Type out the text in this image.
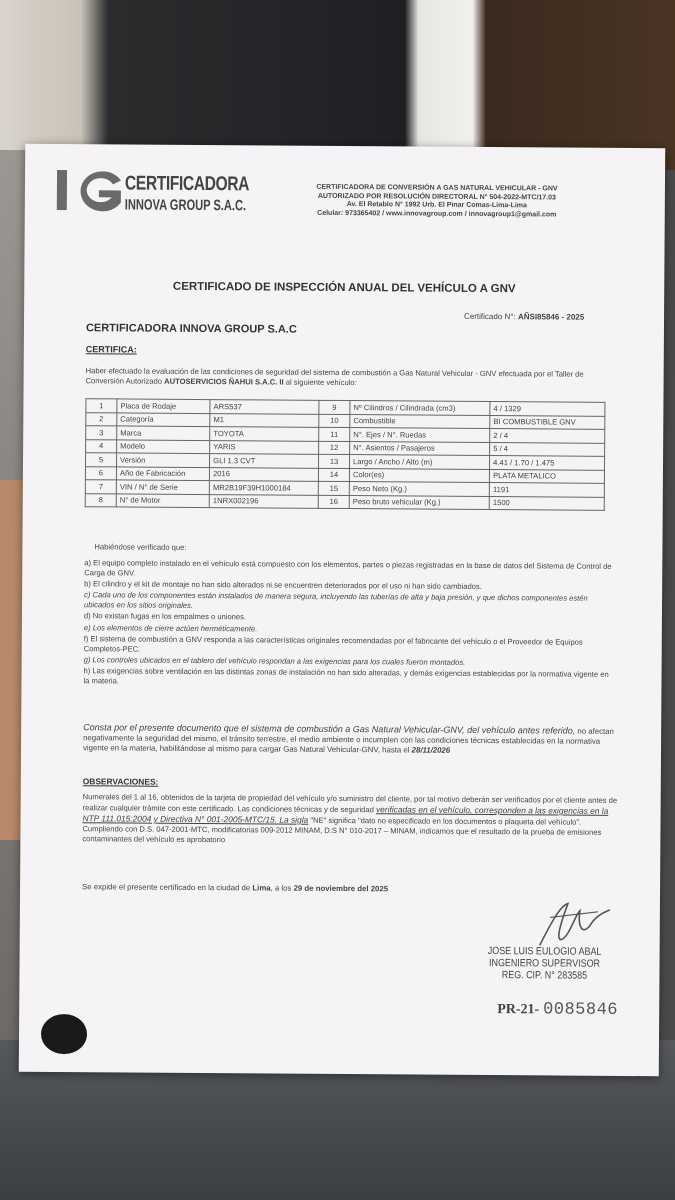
CERTIFICADORA
INNOVA GROUP S.A.C.
CERTIFICADORA DE CONVERSIÓN A GAS NATURAL VEHICULAR - GNV
AUTORIZADO POR RESOLUCIÓN DIRECTORAL N° 504-2022-MTC/17.03
Av. El Retablo N° 1992 Urb. El Pinar Comas-Lima-Lima
Celular: 973365402 / www.innovagroup.com / innovagroup1@gmail.com
CERTIFICADO DE INSPECCIÓN ANUAL DEL VEHÍCULO A GNV
Certificado N°: AÑSI85846 - 2025
CERTIFICADORA INNOVA GROUP S.A.C
CERTIFICA:
Haber efectuado la evaluación de las condiciones de seguridad del sistema de combustión a Gas Natural Vehicular - GNV efectuada por el Taller de Conversión Autorizado AUTOSERVICIOS ÑAHUI S.A.C. II al siguiente vehículo:
1	Placa de Rodaje	ARS537	9	Nº Cilindros / Cilindrada (cm3)	4 / 1329
2	Categoría	M1	10	Combustible	BI COMBUSTIBLE GNV
3	Marca	TOYOTA	11	N°. Ejes / N°. Ruedas	2 / 4
4	Modelo	YARIS	12	N°. Asientos / Pasajeros	5 / 4
5	Versión	GLI 1.3 CVT	13	Largo / Ancho / Alto (m)	4.41 / 1.70 / 1.475
6	Año de Fabricación	2016	14	Color(es)	PLATA METALICO
7	VIN / N° de Serie	MR2B19F39H1000184	15	Peso Neto (Kg.)	1191
8	N° de Motor	1NRX002196	16	Peso bruto vehicular (Kg.)	1500
Habiéndose verificado que:

a) El equipo completo instalado en el vehículo está compuesto con los elementos, partes o piezas registradas en la base de datos del Sistema de Control de Carga de GNV.

b) El cilindro y el kit de montaje no han sido alterados ni se encuentren deteriorados por el uso ni han sido cambiados.

c) Cada uno de los componentes están instalados de manera segura, incluyendo las tuberías de alta y baja presión, y que dichos componentes estén ubicados en los sitios originales.

d) No existan fugas en los empalmes o uniones.

e) Los elementos de cierre actúen herméticamente.

f) El sistema de combustión a GNV responda a las características originales recomendadas por el fabricante del vehículo o el Proveedor de Equipos Completos-PEC.

g) Los controles ubicados en el tablero del vehículo respondan a las exigencias para los cuales fueron montados.

h) Las exigencias sobre ventilación en las distintas zonas de instalación no han sido alteradas, y demás exigencias establecidas por la normativa vigente en la materia.

Consta por el presente documento que el sistema de combustión a Gas Natural Vehicular-GNV, del vehículo antes referido, no afectan negativamente la seguridad del mismo, el tránsito terrestre, el medio ambiente o incumplen con las condiciones técnicas establecidas en la normativa vigente en la materia, habilitándose al mismo para cargar Gas Natural Vehicular-GNV, hasta el 28/11/2026
OBSERVACIONES:
Numerales del 1 al 16, obtenidos de la tarjeta de propiedad del vehículo y/o suministro del cliente, por tal motivo deberán ser verificados por el cliente antes de realizar cualquier trámite con este certificado. Las condiciones técnicas y de seguridad verificadas en el vehículo, corresponden a las exigencias en la NTP 111.015:2004 y Directiva N° 001-2005-MTC/15. La sigla "NE" significa "dato no especificado en los documentos o plaqueta del vehículo".
Cumpliendo con D.S. 047-2001-MTC, modificatorias 009-2012 MINAM, D.S N° 010-2017 – MINAM, indicamos que el resultado de la prueba de emisiones contaminantes del vehículo es aprobatorio
Se expide el presente certificado en la ciudad de Lima, a los 29 de noviembre del 2025
JOSE LUIS EULOGIO ABAL
INGENIERO SUPERVISOR
REG. CIP. N° 283585
PR-21- 0085846
